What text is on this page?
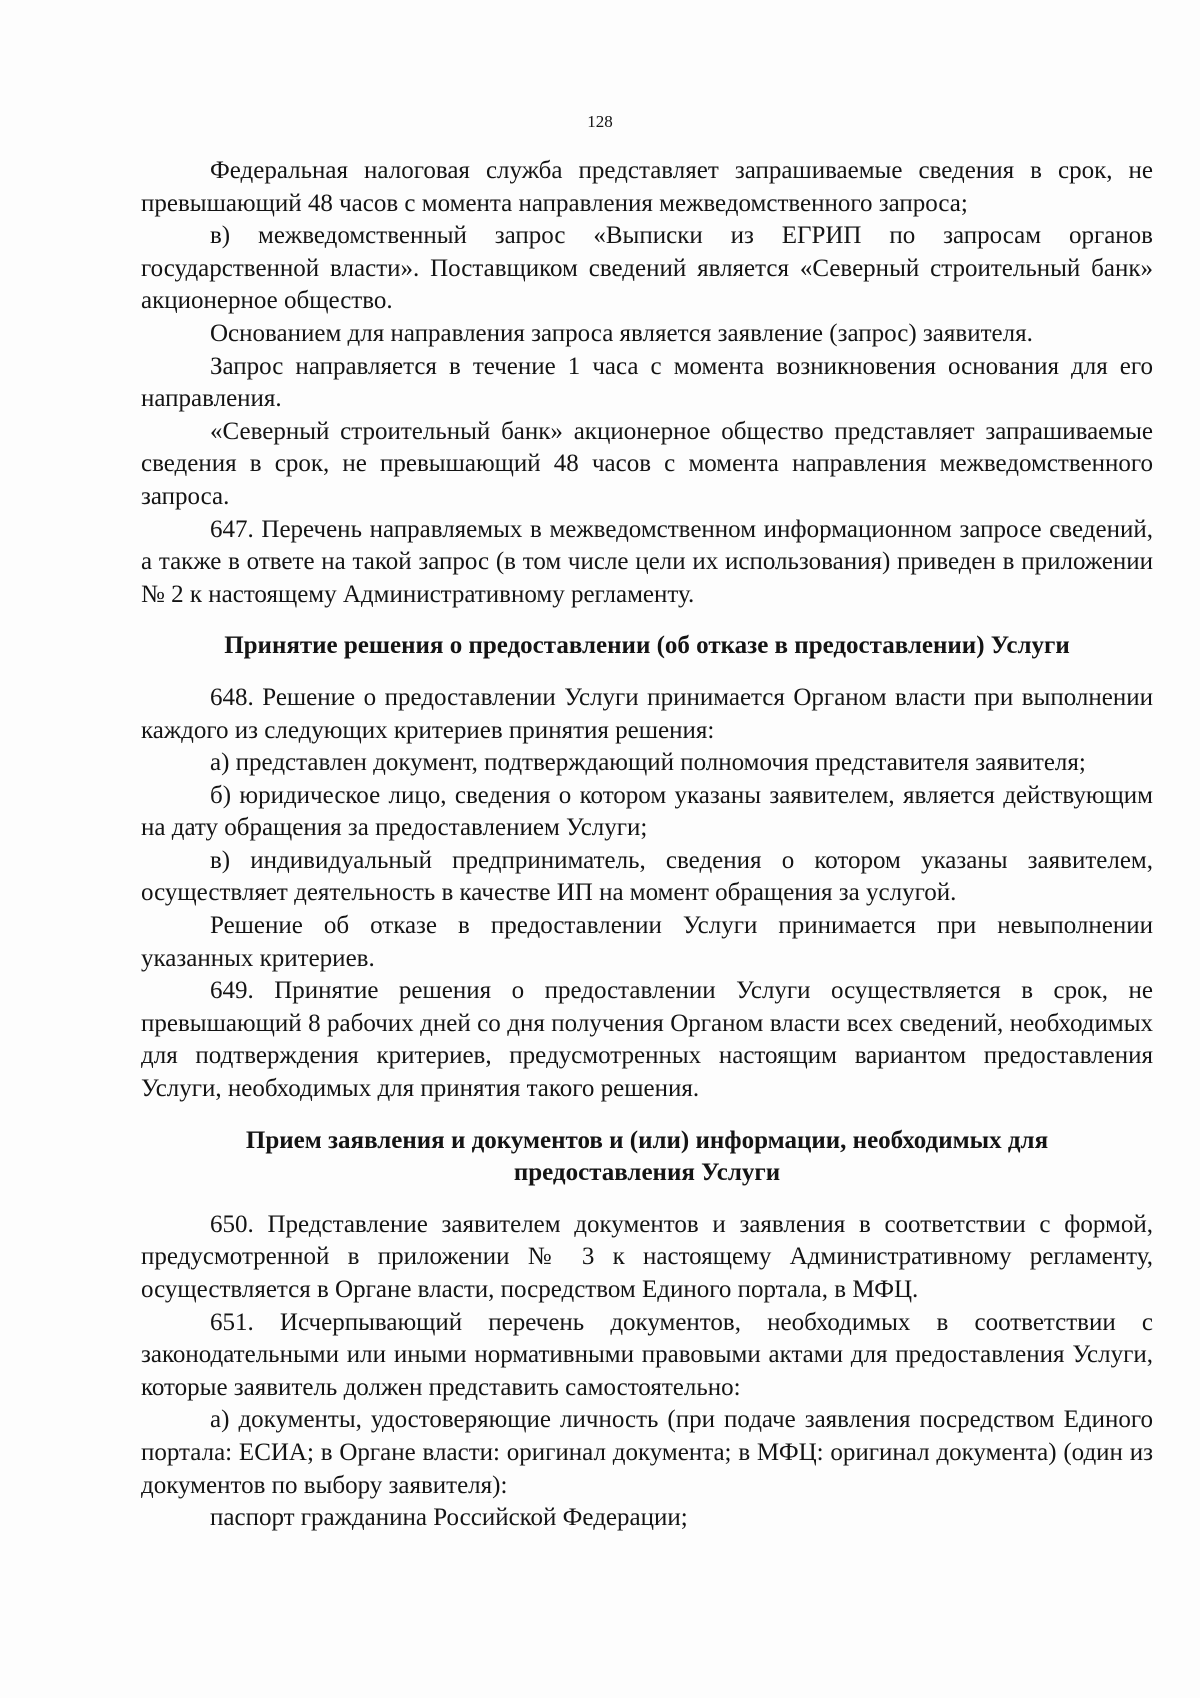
128

Федеральная налоговая служба представляет запрашиваемые сведения в срок, не превышающий 48 часов с момента направления межведомственного запроса;

в) межведомственный запрос «Выписки из ЕГРИП по запросам органов государственной власти». Поставщиком сведений является «Северный строительный банк» акционерное общество.

Основанием для направления запроса является заявление (запрос) заявителя.

Запрос направляется в течение 1 часа с момента возникновения основания для его направления.

«Северный строительный банк» акционерное общество представляет запрашиваемые сведения в срок, не превышающий 48 часов с момента направления межведомственного запроса.

647. Перечень направляемых в межведомственном информационном запросе сведений, а также в ответе на такой запрос (в том числе цели их использования) приведен в приложении № 2 к настоящему Административному регламенту.

Принятие решения о предоставлении (об отказе в предоставлении) Услуги

648. Решение о предоставлении Услуги принимается Органом власти при выполнении каждого из следующих критериев принятия решения:

а) представлен документ, подтверждающий полномочия представителя заявителя;

б) юридическое лицо, сведения о котором указаны заявителем, является действующим на дату обращения за предоставлением Услуги;

в) индивидуальный предприниматель, сведения о котором указаны заявителем, осуществляет деятельность в качестве ИП на момент обращения за услугой.

Решение об отказе в предоставлении Услуги принимается при невыполнении указанных критериев.

649. Принятие решения о предоставлении Услуги осуществляется в срок, не превышающий 8 рабочих дней со дня получения Органом власти всех сведений, необходимых для подтверждения критериев, предусмотренных настоящим вариантом предоставления Услуги, необходимых для принятия такого решения.

Прием заявления и документов и (или) информации, необходимых для предоставления Услуги

650. Представление заявителем документов и заявления в соответствии с формой, предусмотренной в приложении № 3 к настоящему Административному регламенту, осуществляется в Органе власти, посредством Единого портала, в МФЦ.

651. Исчерпывающий перечень документов, необходимых в соответствии с законодательными или иными нормативными правовыми актами для предоставления Услуги, которые заявитель должен представить самостоятельно:

а) документы, удостоверяющие личность (при подаче заявления посредством Единого портала: ЕСИА; в Органе власти: оригинал документа; в МФЦ: оригинал документа) (один из документов по выбору заявителя):

паспорт гражданина Российской Федерации;
